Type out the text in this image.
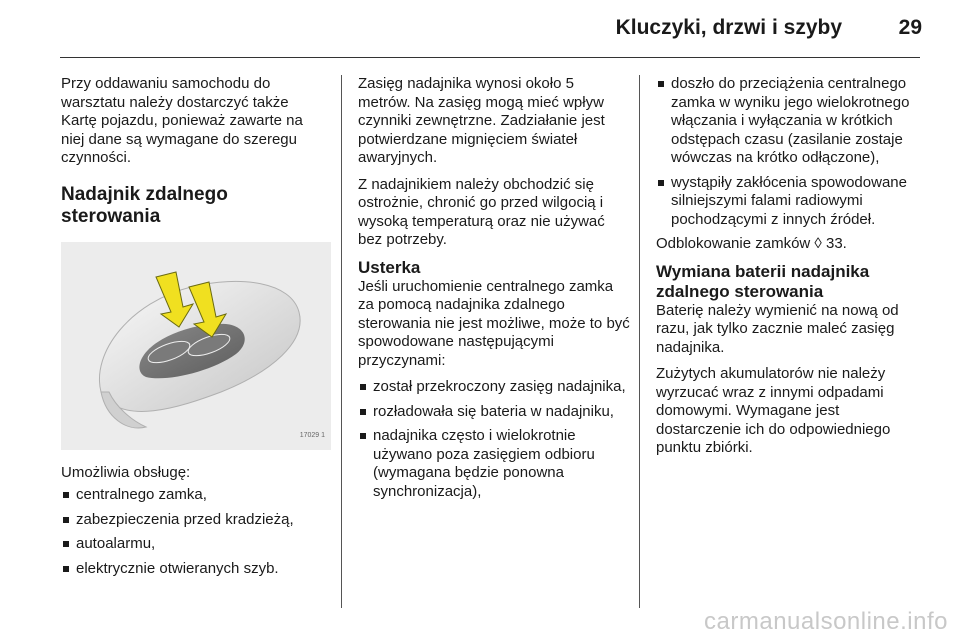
Kluczyki, drzwi i szyby	29

Przy oddawaniu samochodu do warsztatu należy dostarczyć także Kartę pojazdu, ponieważ zawarte na niej dane są wymagane do szeregu czynności.

Nadajnik zdalnego sterowania
17029 1

Umożliwia obsługę:

centralnego zamka,
zabezpieczenia przed kradzieżą,
autoalarmu,
elektrycznie otwieranych szyb.

Zasięg nadajnika wynosi około 5 metrów. Na zasięg mogą mieć wpływ czynniki zewnętrzne. Zadziałanie jest potwierdzane mignięciem świateł awaryjnych.

Z nadajnikiem należy obchodzić się ostrożnie, chronić go przed wilgocią i wysoką temperaturą oraz nie używać bez potrzeby.

Usterka

Jeśli uruchomienie centralnego zamka za pomocą nadajnika zdalnego sterowania nie jest możliwe, może to być spowodowane następującymi przyczynami:

został przekroczony zasięg nadajnika,
rozładowała się bateria w nadajniku,
nadajnika często i wielokrotnie używano poza zasięgiem odbioru (wymagana będzie ponowna synchronizacja),
doszło do przeciążenia centralnego zamka w wyniku jego wielokrotnego włączania i wyłączania w krótkich odstępach czasu (zasilanie zostaje wówczas na krótko odłączone),
wystąpiły zakłócenia spowodowane silniejszymi falami radiowymi pochodzącymi z innych źródeł.

Odblokowanie zamków ◊ 33.

Wymiana baterii nadajnika zdalnego sterowania

Baterię należy wymienić na nową od razu, jak tylko zacznie maleć zasięg nadajnika.

Zużytych akumulatorów nie należy wyrzucać wraz z innymi odpadami domowymi. Wymagane jest dostarczenie ich do odpowiedniego punktu zbiórki.

carmanualsonline.info
